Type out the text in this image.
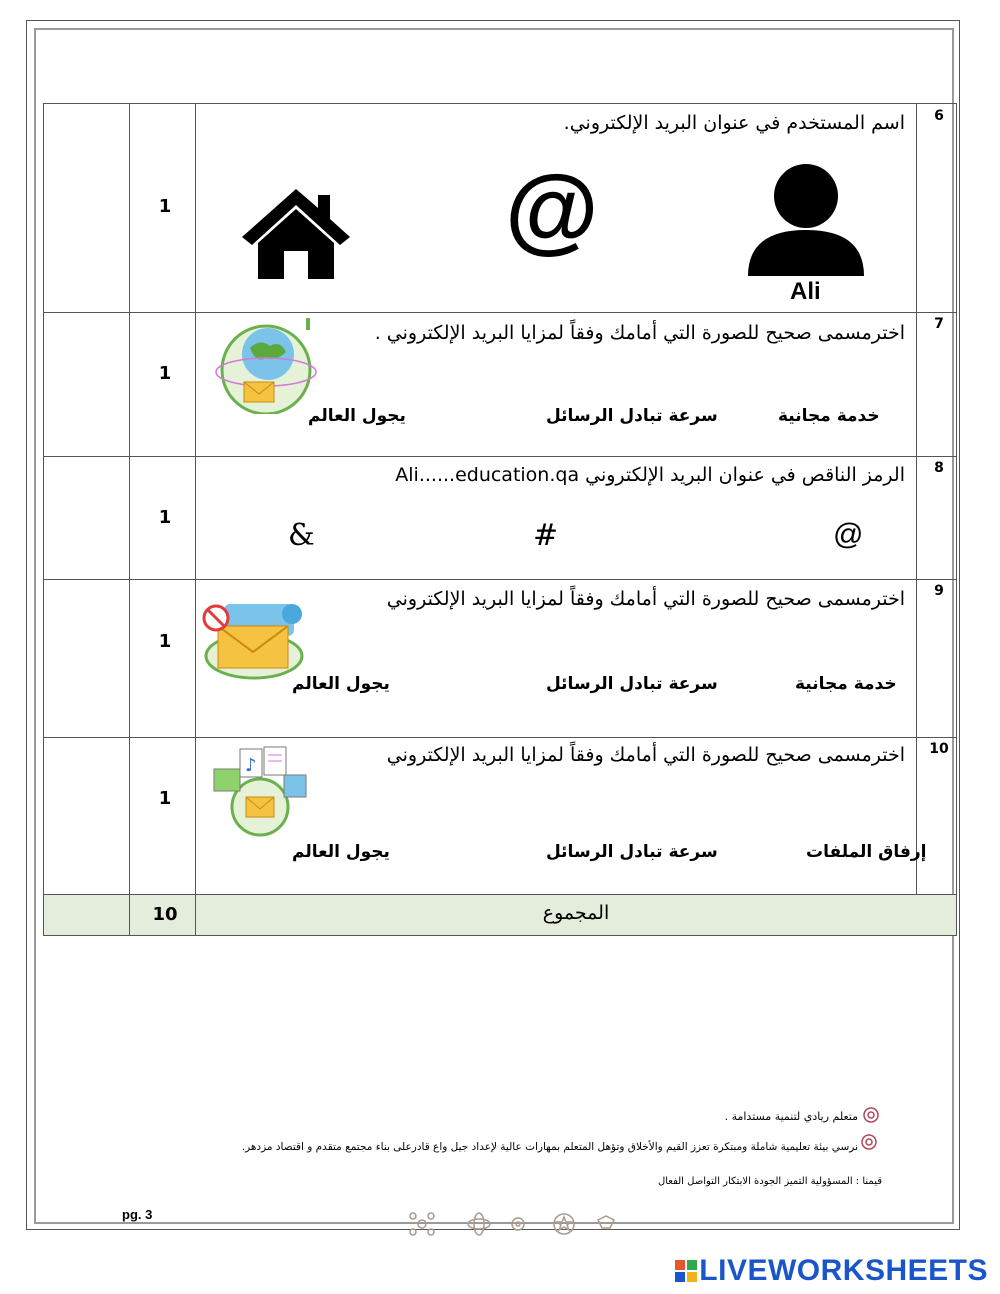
6
اسم المستخدم في عنوان البريد الإلكتروني.
1
Ali
@
7
اخترمسمى صحيح للصورة التي أمامك وفقاً لمزايا البريد الإلكتروني .
1
خدمة مجانية
سرعة تبادل الرسائل
يجول العالم
8
الرمز الناقص في عنوان البريد الإلكتروني Ali......education.qa
1
@
#
&
9
اخترمسمى صحيح للصورة التي أمامك وفقاً لمزايا البريد الإلكتروني
1
خدمة مجانية
سرعة تبادل الرسائل
يجول العالم
10
اخترمسمى صحيح للصورة التي أمامك وفقاً لمزايا البريد الإلكتروني
1
♪
إرفاق الملفات
سرعة تبادل الرسائل
يجول العالم
المجموع
10
متعلم ريادي لتنمية مستدامة .
نرسي بيئة تعليمية شاملة ومبتكرة تعزز القيم والأخلاق وتؤهل المتعلم بمهارات عالية لإعداد جيل واع قادرعلى بناء مجتمع متقدم و اقتصاد مزدهر.
قيمنا : المسؤولية التميز الجودة الابتكار التواصل الفعال
pg. 3
LIVEWORKSHEETS
